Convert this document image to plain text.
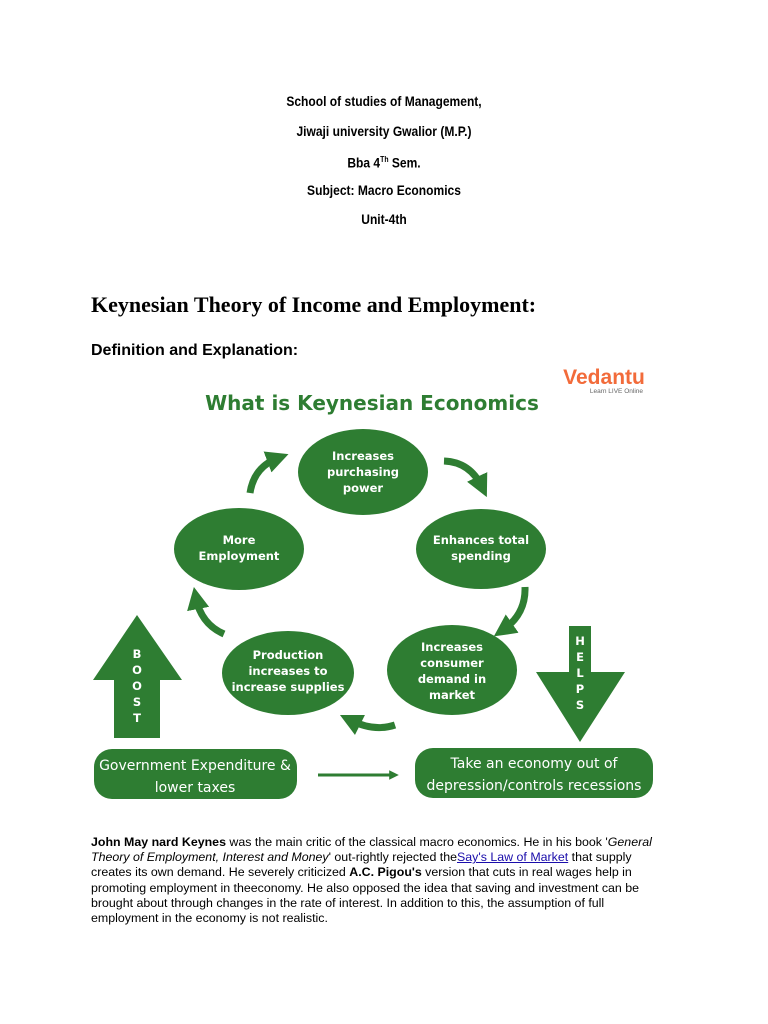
School of studies of Management,
Jiwaji university Gwalior (M.P.)
Bba 4Th Sem.
Subject: Macro Economics
Unit-4th
Keynesian Theory of Income and Employment:
Definition and Explanation:
Vedantu
Learn LIVE Online
What is Keynesian Economics
Increases purchasing power
Enhances total spending
Increases consumer demand in market
Production increases to increase supplies
More Employment
B
O
O
S
T
H
E
L
P
S
Government Expenditure & lower taxes
Take an economy out of depression/controls recessions

John May nard Keynes was the main critic of the classical macro economics. He in his book 'General Theory of Employment, Interest and Money' out-rightly rejected theSay's Law of Market that supply creates its own demand. He severely criticized A.C. Pigou's version that cuts in real wages help in promoting employment in theeconomy. He also opposed the idea that saving and investment can be brought about through changes in the rate of interest. In addition to this, the assumption of full employment in the economy is not realistic.
